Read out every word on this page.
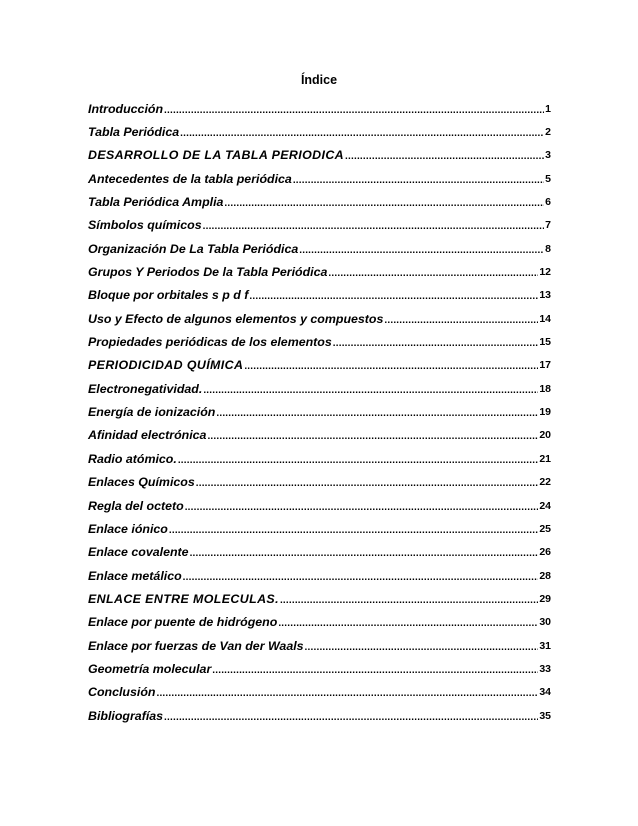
Índice
Introducción .....	1
Tabla Periódica .....	2
DESARROLLO DE LA TABLA PERIODICA .....	3
Antecedentes de la tabla periódica .....	5
Tabla Periódica Amplia .....	6
Símbolos químicos .....	7
Organización De La Tabla Periódica .....	8
Grupos Y Periodos De la Tabla Periódica .....	12
Bloque por orbitales s p d f .....	13
Uso y Efecto de algunos elementos y compuestos .....	14
Propiedades periódicas de los elementos .....	15
PERIODICIDAD QUÍMICA .....	17
Electronegatividad. .....	18
Energía de ionización .....	19
Afinidad electrónica .....	20
Radio atómico. .....	21
Enlaces Químicos .....	22
Regla del octeto .....	24
Enlace iónico .....	25
Enlace covalente .....	26
Enlace metálico .....	28
ENLACE ENTRE MOLECULAS. .....	29
Enlace por puente de hidrógeno .....	30
Enlace por fuerzas de Van der Waals .....	31
Geometría molecular .....	33
Conclusión .....	34
Bibliografías .....	35
